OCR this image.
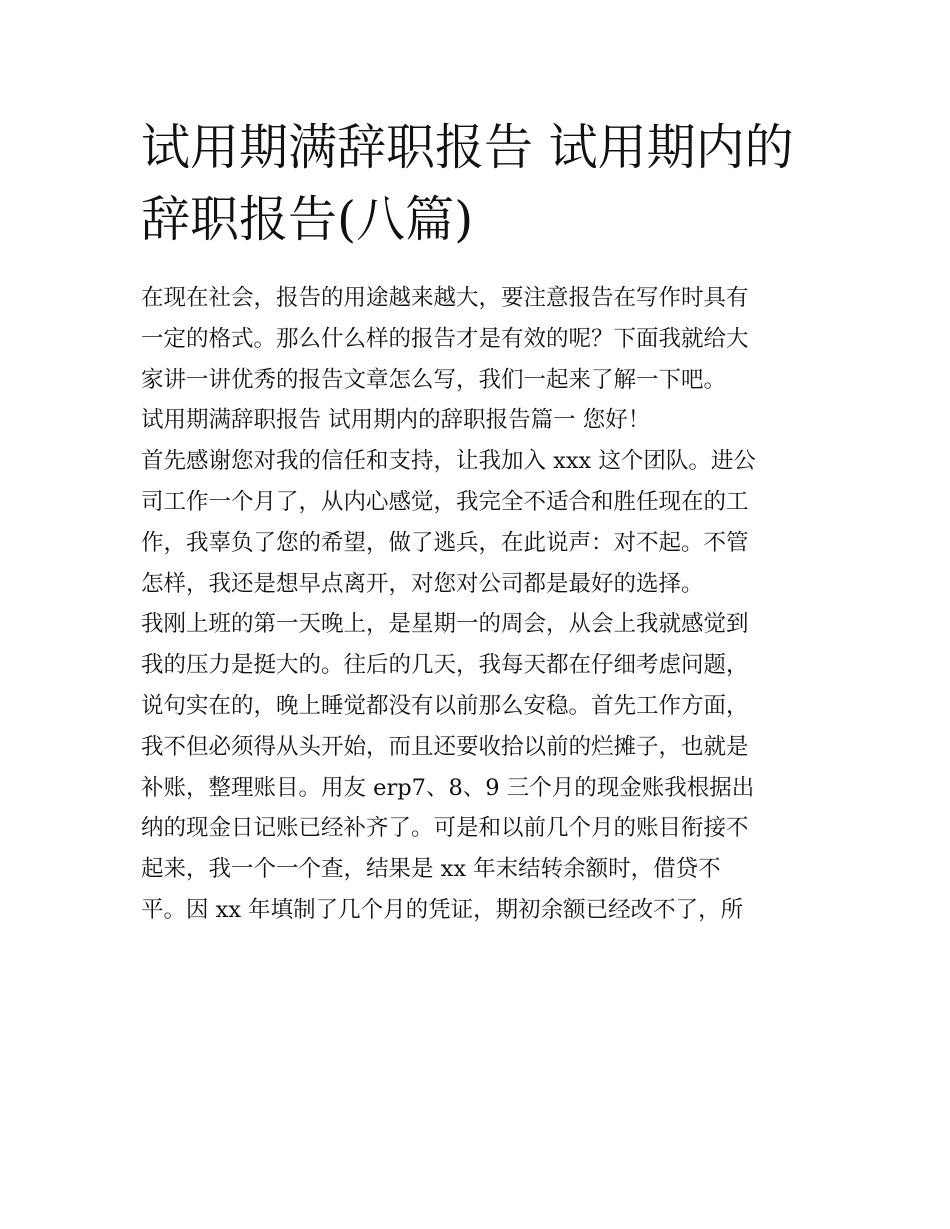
试用期满辞职报告 试用期内的
辞职报告(八篇)
在现在社会，报告的用途越来越大，要注意报告在写作时具有
一定的格式。那么什么样的报告才是有效的呢？下面我就给大
家讲一讲优秀的报告文章怎么写，我们一起来了解一下吧。
试用期满辞职报告 试用期内的辞职报告篇一 您好！
首先感谢您对我的信任和支持，让我加入 xxx 这个团队。进公
司工作一个月了，从内心感觉，我完全不适合和胜任现在的工
作，我辜负了您的希望，做了逃兵，在此说声：对不起。不管
怎样，我还是想早点离开，对您对公司都是最好的选择。
我刚上班的第一天晚上，是星期一的周会，从会上我就感觉到
我的压力是挺大的。往后的几天，我每天都在仔细考虑问题，
说句实在的，晚上睡觉都没有以前那么安稳。首先工作方面，
我不但必须得从头开始，而且还要收拾以前的烂摊子，也就是
补账，整理账目。用友 erp7、8、9 三个月的现金账我根据出
纳的现金日记账已经补齐了。可是和以前几个月的账目衔接不
起来，我一个一个查，结果是 xx 年末结转余额时，借贷不
平。因 xx 年填制了几个月的凭证，期初余额已经改不了，所
